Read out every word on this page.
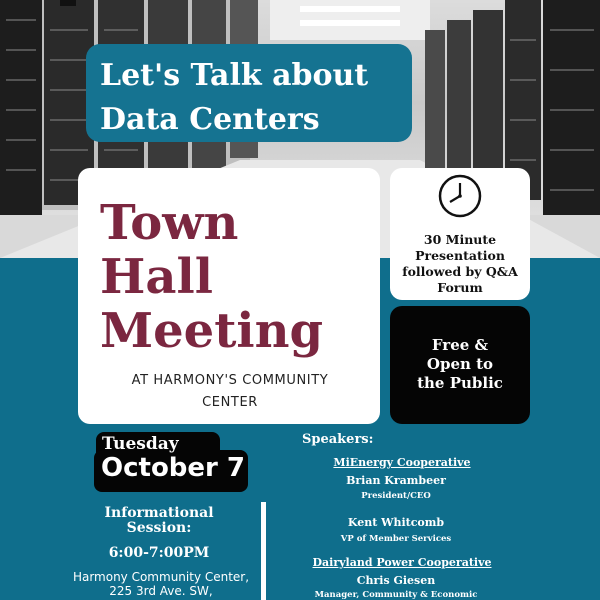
Let's Talk about
Data Centers
Town
Hall
Meeting
AT HARMONY'S COMMUNITY
CENTER
30 Minute
Presentation
followed by Q&A
Forum
Free &
Open to
the Public
Tuesday
October 7
Informational
Session:
6:00-7:00PM
Harmony Community Center,
225 3rd Ave. SW,
Speakers:
MiEnergy Cooperative
Brian Krambeer
President/CEO
Kent Whitcomb
VP of Member Services
Dairyland Power Cooperative
Chris Giesen
Manager, Community & Economic
